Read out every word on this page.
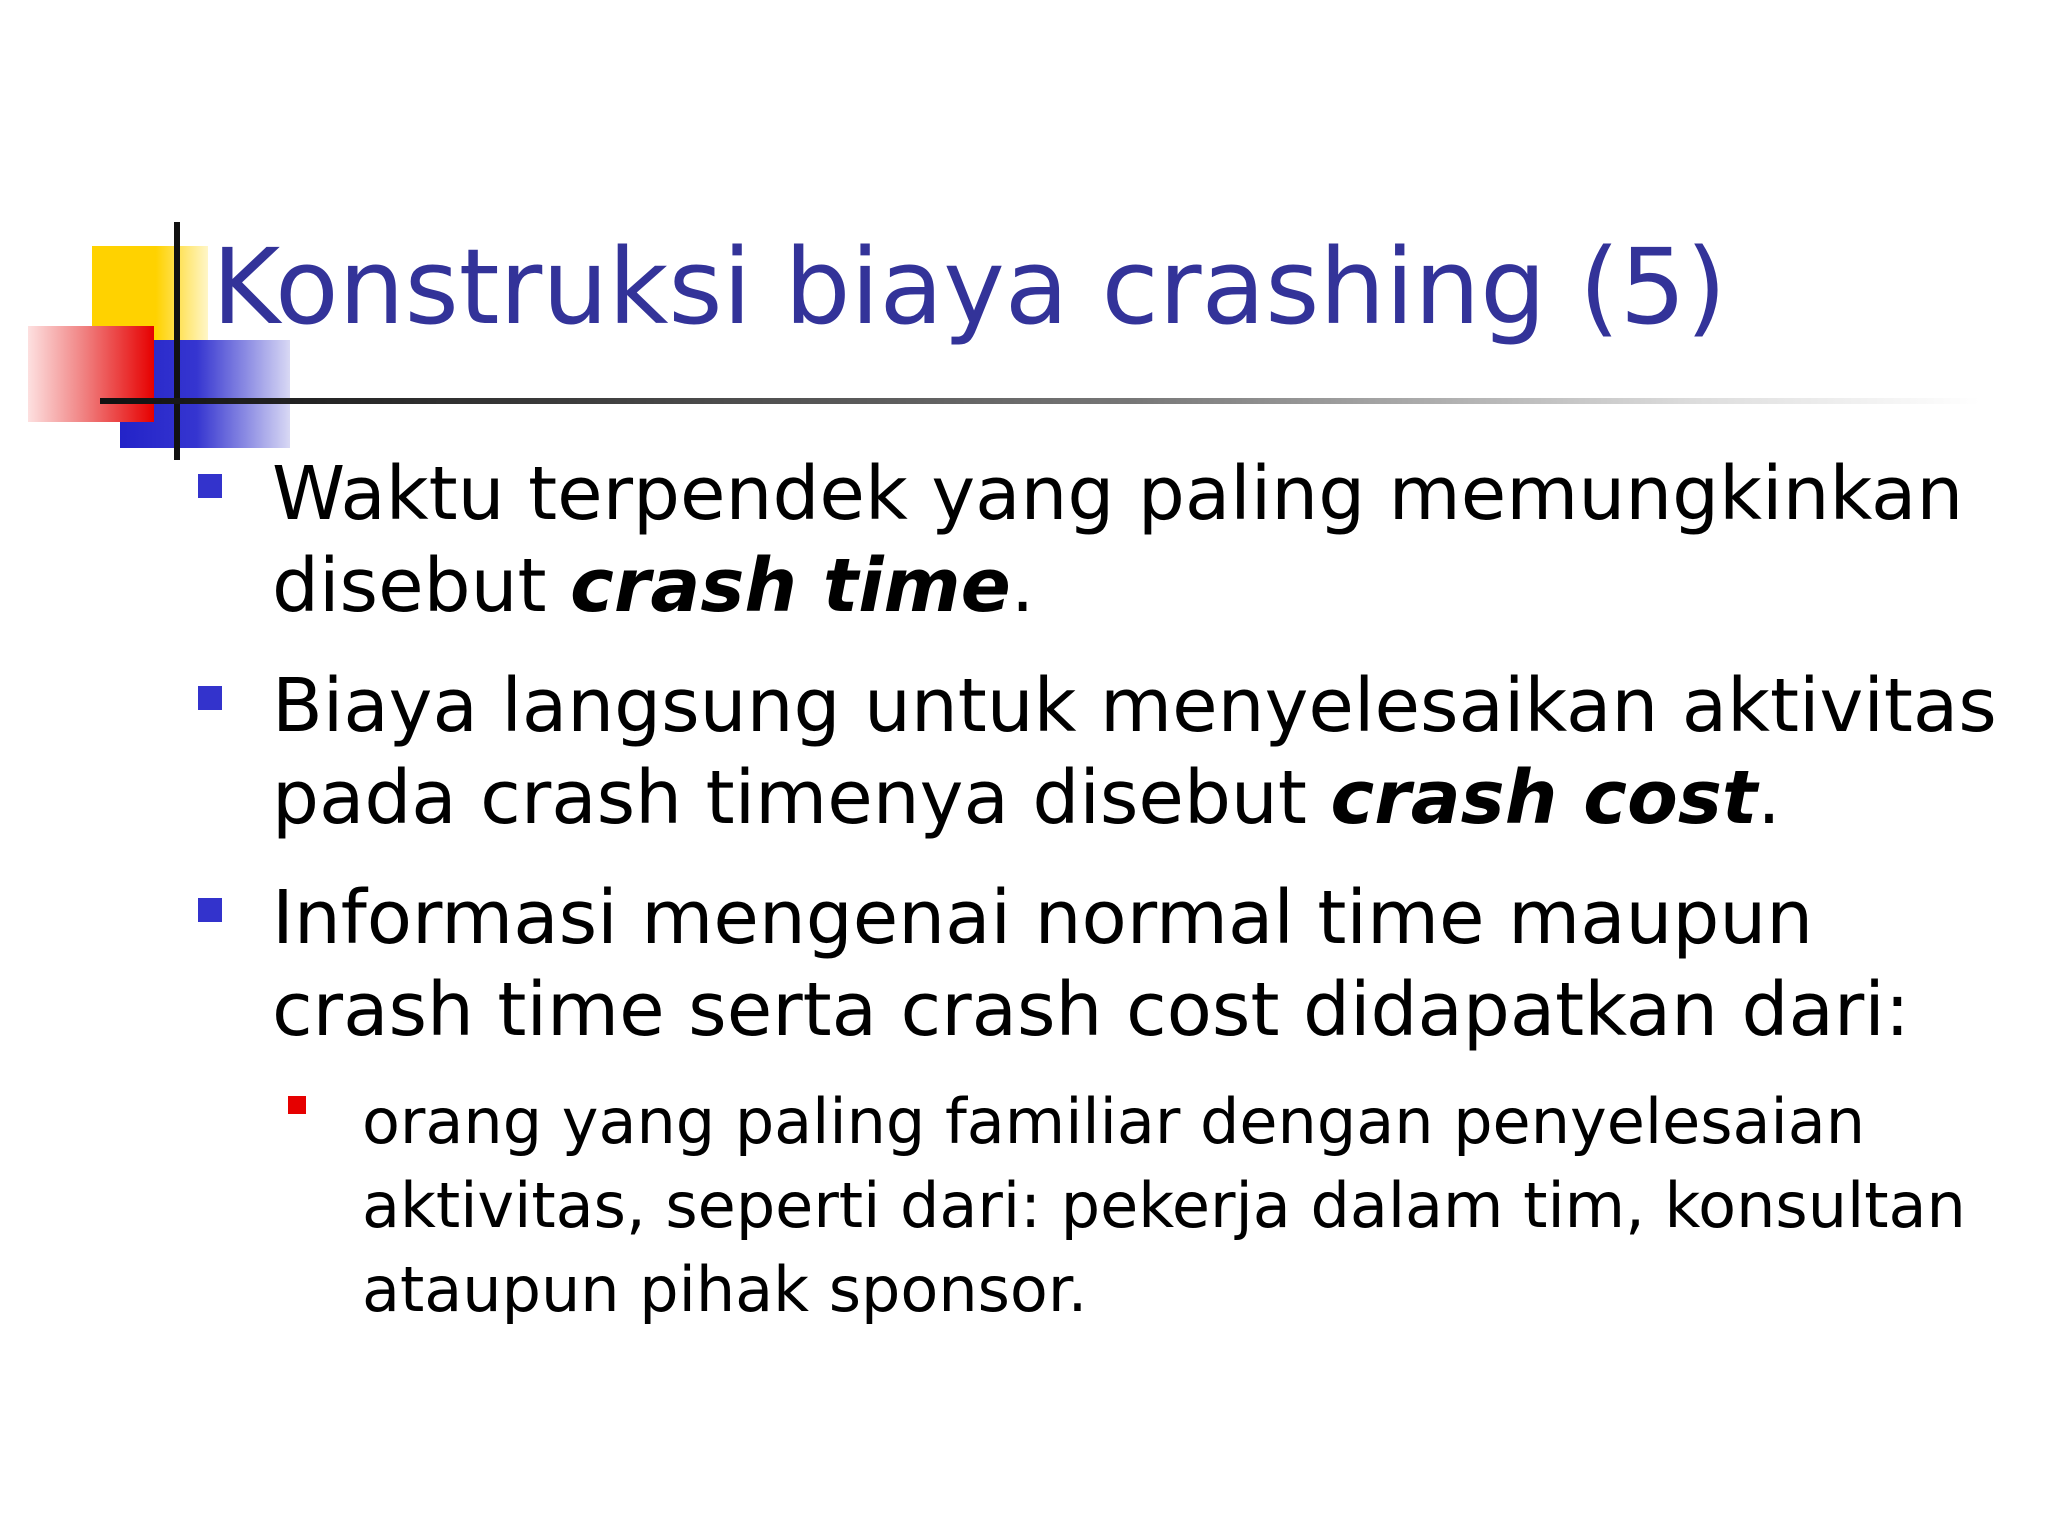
Konstruksi biaya crashing (5)
Waktu terpendek yang paling memungkinkan disebut crash time.
Biaya langsung untuk menyelesaikan aktivitas pada crash timenya disebut crash cost.
Informasi mengenai normal time maupun crash time serta crash cost didapatkan dari:
orang yang paling familiar dengan penyelesaian aktivitas, seperti dari: pekerja dalam tim, konsultan ataupun pihak sponsor.
